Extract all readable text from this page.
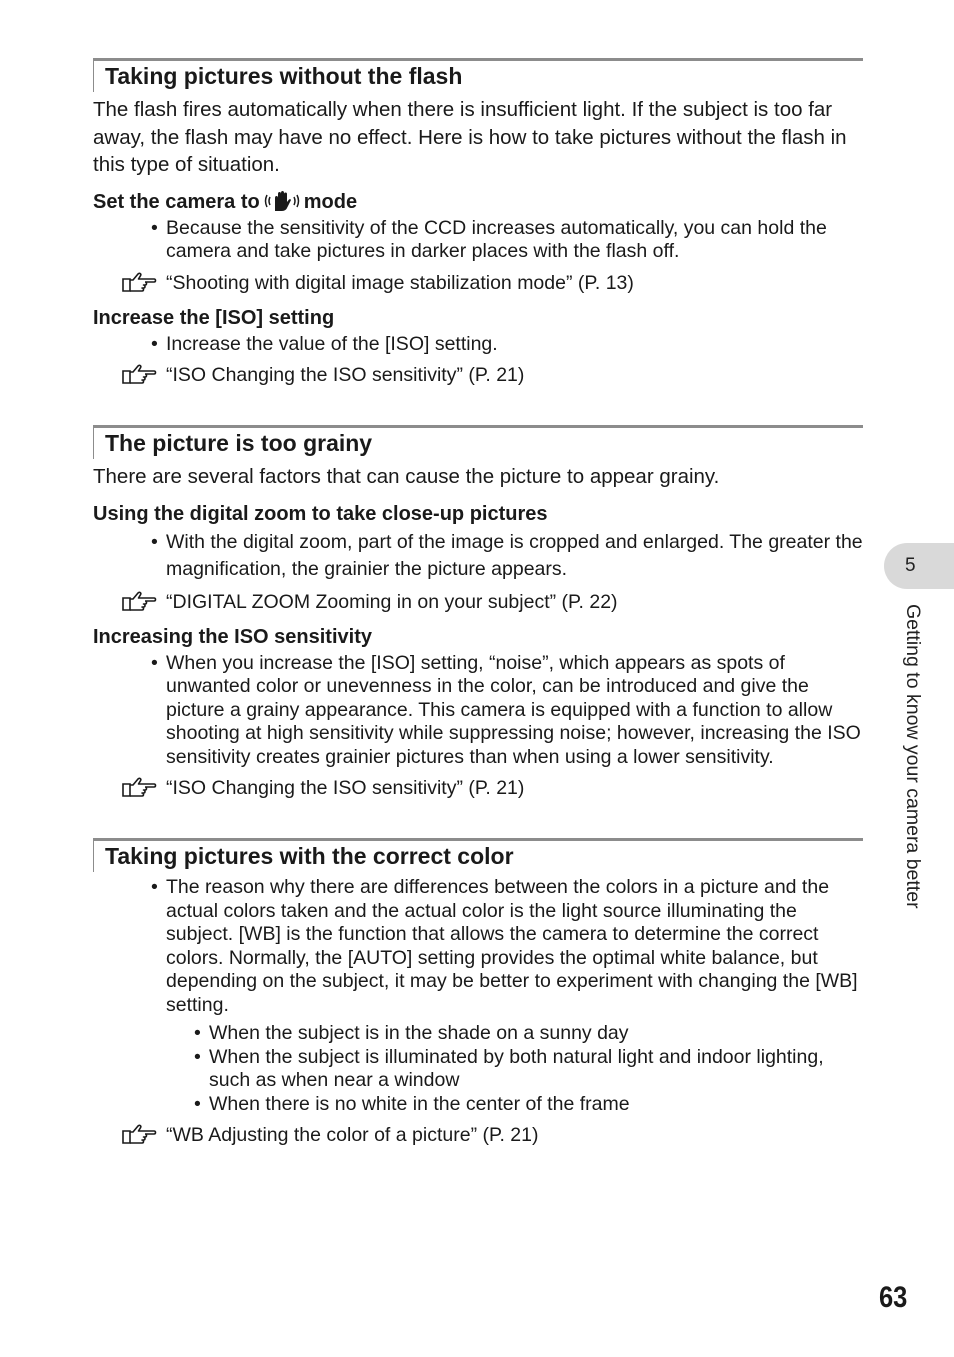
Taking pictures without the flash

The flash fires automatically when there is insufficient light. If the subject is too far away, the flash may have no effect. Here is how to take pictures without the flash in this type of situation.

Set the camera to mode
• Because the sensitivity of the CCD increases automatically, you can hold the camera and take pictures in darker places with the flash off.
“Shooting with digital image stabilization mode” (P. 13)
Increase the [ISO] setting
• Increase the value of the [ISO] setting.
“ISO Changing the ISO sensitivity” (P. 21)
The picture is too grainy

There are several factors that can cause the picture to appear grainy.

Using the digital zoom to take close-up pictures
• With the digital zoom, part of the image is cropped and enlarged. The greater the magnification, the grainier the picture appears.
“DIGITAL ZOOM Zooming in on your subject” (P. 22)
Increasing the ISO sensitivity
• When you increase the [ISO] setting, “noise”, which appears as spots of unwanted color or unevenness in the color, can be introduced and give the picture a grainy appearance. This camera is equipped with a function to allow shooting at high sensitivity while suppressing noise; however, increasing the ISO sensitivity creates grainier pictures than when using a lower sensitivity.
“ISO Changing the ISO sensitivity” (P. 21)
Taking pictures with the correct color
• The reason why there are differences between the colors in a picture and the actual colors taken and the actual color is the light source illuminating the subject. [WB] is the function that allows the camera to determine the correct colors. Normally, the [AUTO] setting provides the optimal white balance, but depending on the subject, it may be better to experiment with changing the [WB] setting.
• When the subject is in the shade on a sunny day
• When the subject is illuminated by both natural light and indoor lighting, such as when near a window
• When there is no white in the center of the frame
“WB Adjusting the color of a picture” (P. 21)
5
Getting to know your camera better
63
